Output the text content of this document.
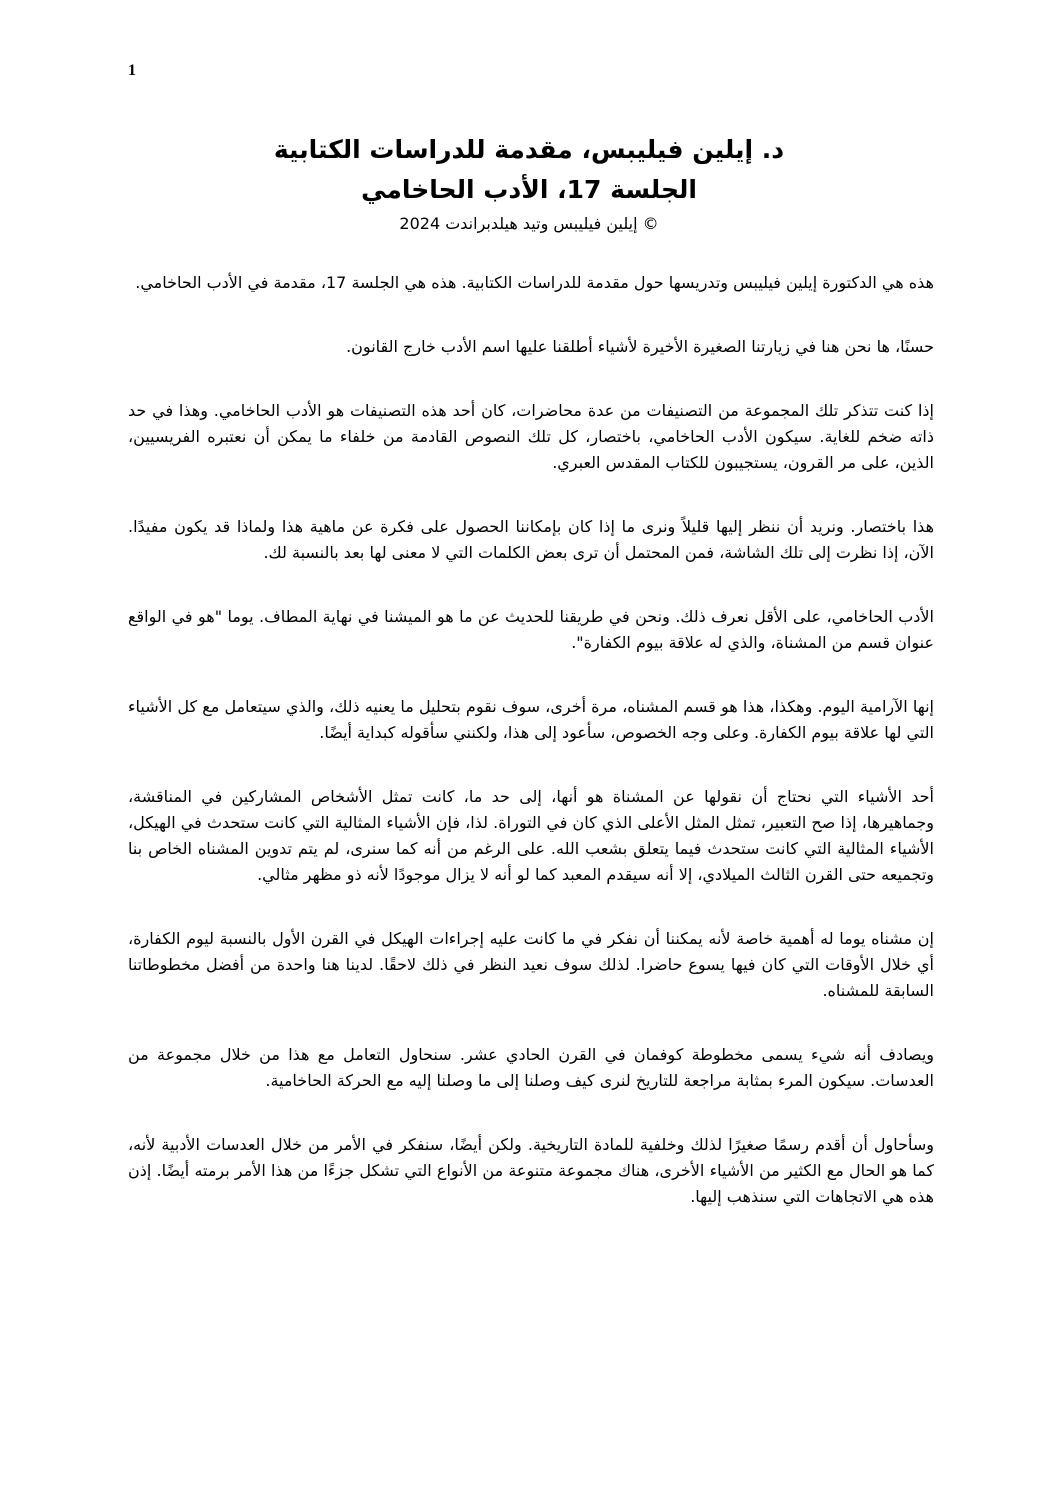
1

د. إيلين فيليبس، مقدمة للدراسات الكتابية

الجلسة 17، الأدب الحاخامي

© إيلين فيليبس وتيد هيلدبراندت 2024

هذه هي الدكتورة إيلين فيليبس وتدريسها حول مقدمة للدراسات الكتابية. هذه هي الجلسة 17، مقدمة في الأدب الحاخامي.

حسنًا، ها نحن هنا في زيارتنا الصغيرة الأخيرة لأشياء أطلقنا عليها اسم الأدب خارج القانون.

إذا كنت تتذكر تلك المجموعة من التصنيفات من عدة محاضرات، كان أحد هذه التصنيفات هو الأدب الحاخامي. وهذا في حد ذاته ضخم للغاية. سيكون الأدب الحاخامي، باختصار، كل تلك النصوص القادمة من خلفاء ما يمكن أن نعتبره الفريسيين، الذين، على مر القرون، يستجيبون للكتاب المقدس العبري.

هذا باختصار. ونريد أن ننظر إليها قليلاً ونرى ما إذا كان بإمكاننا الحصول على فكرة عن ماهية هذا ولماذا قد يكون مفيدًا. الآن، إذا نظرت إلى تلك الشاشة، فمن المحتمل أن ترى بعض الكلمات التي لا معنى لها بعد بالنسبة لك.

الأدب الحاخامي، على الأقل نعرف ذلك. ونحن في طريقنا للحديث عن ما هو الميشنا في نهاية المطاف. يوما "هو في الواقع عنوان قسم من المشناة، والذي له علاقة بيوم الكفارة".

إنها الآرامية اليوم. وهكذا، هذا هو قسم المشناه، مرة أخرى، سوف نقوم بتحليل ما يعنيه ذلك، والذي سيتعامل مع كل الأشياء التي لها علاقة بيوم الكفارة. وعلى وجه الخصوص، سأعود إلى هذا، ولكنني سأقوله كبداية أيضًا.

أحد الأشياء التي نحتاج أن نقولها عن المشناة هو أنها، إلى حد ما، كانت تمثل الأشخاص المشاركين في المناقشة، وجماهيرها، إذا صح التعبير، تمثل المثل الأعلى الذي كان في التوراة. لذا، فإن الأشياء المثالية التي كانت ستحدث في الهيكل، الأشياء المثالية التي كانت ستحدث فيما يتعلق بشعب الله. على الرغم من أنه كما سنرى، لم يتم تدوين المشناه الخاص بنا وتجميعه حتى القرن الثالث الميلادي، إلا أنه سيقدم المعبد كما لو أنه لا يزال موجودًا لأنه ذو مظهر مثالي.

إن مشناه يوما له أهمية خاصة لأنه يمكننا أن نفكر في ما كانت عليه إجراءات الهيكل في القرن الأول بالنسبة ليوم الكفارة، أي خلال الأوقات التي كان فيها يسوع حاضرا. لذلك سوف نعيد النظر في ذلك لاحقًا. لدينا هنا واحدة من أفضل مخطوطاتنا السابقة للمشناه.

ويصادف أنه شيء يسمى مخطوطة كوفمان في القرن الحادي عشر. سنحاول التعامل مع هذا من خلال مجموعة من العدسات. سيكون المرء بمثابة مراجعة للتاريخ لنرى كيف وصلنا إلى ما وصلنا إليه مع الحركة الحاخامية.

وسأحاول أن أقدم رسمًا صغيرًا لذلك وخلفية للمادة التاريخية. ولكن أيضًا، سنفكر في الأمر من خلال العدسات الأدبية لأنه، كما هو الحال مع الكثير من الأشياء الأخرى، هناك مجموعة متنوعة من الأنواع التي تشكل جزءًا من هذا الأمر برمته أيضًا. إذن هذه هي الاتجاهات التي سنذهب إليها.
